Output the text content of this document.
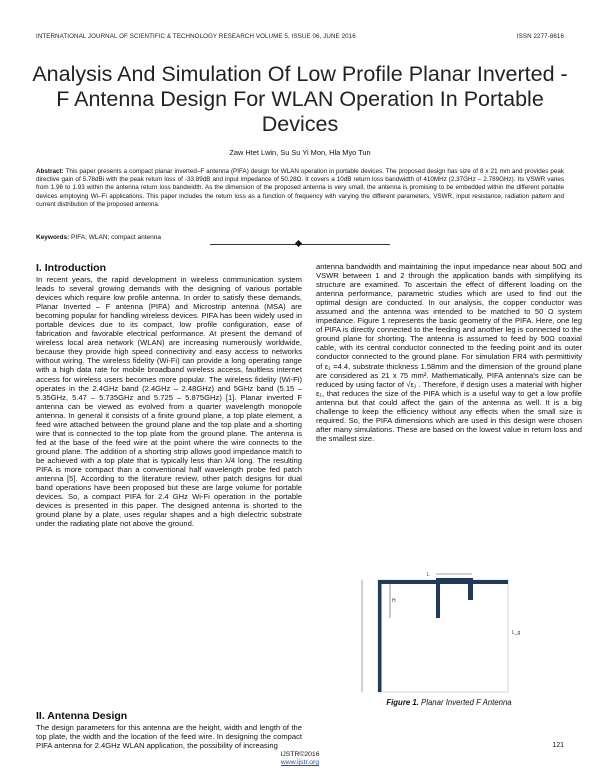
INTERNATIONAL JOURNAL OF SCIENTIFIC & TECHNOLOGY RESEARCH VOLUME 5, ISSUE 06, JUNE 2016	ISSN 2277-8616
Analysis And Simulation Of Low Profile Planar Inverted - F Antenna Design For WLAN Operation In Portable Devices
Zaw Htet Lwin, Su Su Yi Mon, Hla Myo Tun
Abstract: This paper presents a compact planar inverted–F antenna (PIFA) design for WLAN operation in portable devices. The proposed design has size of 8 x 21 mm and provides peak directive gain of 5.78dBi with the peak return loss of -33.89dB and input impedance of 50.28Ω. It covers a 10dB return loss bandwidth of 410MHz (2.37GHz – 2.789GHz). Its VSWR varies from 1.96 to 1.93 within the antenna return loss bandwidth. As the dimension of the proposed antenna is very small, the antenna is promising to be embedded within the different portable devices employing Wi–Fi applications. This paper includes the return loss as a function of frequency with varying the different parameters, VSWR, input resistance, radiation pattern and current distribution of the proposed antenna.
Keywords: PIFA; WLAN; compact antenna
I. Introduction

In recent years, the rapid development in wireless communication system leads to several growing demands with the designing of various portable devices which require low profile antenna. In order to satisfy these demands, Planar Inverted – F antenna (PIFA) and Microstrip antenna (MSA) are becoming popular for handling wireless devices. PIFA has been widely used in portable devices due to its compact, low profile configuration, ease of fabrication and favorable electrical performance. At present the demand of wireless local area network (WLAN) are increasing numerously worldwide, because they provide high speed connectivity and easy access to networks without wiring. The wireless fidelity (Wi-Fi) can provide a long operating range with a high data rate for mobile broadband wireless access, faultless internet access for wireless users becomes more popular. The wireless fidelity (Wi-Fi) operates in the 2.4GHz band (2.4GHz – 2.48GHz) and 5GHz band (5.15 – 5.35GHz, 5.47 – 5.735GHz and 5.725 – 5.875GHz) [1]. Planar inverted F antenna can be viewed as evolved from a quarter wavelength monopole antenna. In general it consists of a finite ground plane, a top plate element, a feed wire attached between the ground plane and the top plate and a shorting wire that is connected to the top plate from the ground plane. The antenna is fed at the base of the feed wire at the point where the wire connects to the ground plane. The addition of a shorting strip allows good impedance match to be achieved with a top plate that is typically less than λ/4 long. The resulting PIFA is more compact than a conventional half wavelength probe fed patch antenna [5]. According to the literature review, other patch designs for dual band operations have been proposed but these are large volume for portable devices. So, a compact PIFA for 2.4 GHz Wi-Fi operation in the portable devices is presented in this paper. The designed antenna is shorted to the ground plane by a plate, uses regular shapes and a high dielectric substrate under the radiating plate not above the ground.

II. Antenna Design
The design parameters for this antenna are the height, width and length of the top plate, the width and the location of the feed wire. In designing the compact PIFA antenna for 2.4GHz WLAN application, the possibility of increasing
antenna bandwidth and maintaining the input impedance near about 50Ω and VSWR between 1 and 2 through the application bands with simplifying its structure are examined. To ascertain the effect of different loading on the antenna performance, parametric studies which are used to find out the optimal design are conducted. In our analysis, the copper conductor was assumed and the antenna was intended to be matched to 50 Ω system impedance. Figure 1 represents the basic geometry of the PIFA. Here, one leg of PIFA is directly connected to the feeding and another leg is connected to the ground plane for shorting. The antenna is assumed to feed by 50Ω coaxial cable, with its central conductor connected to the feeding point and its outer conductor connected to the ground plane. For simulation FR4 with permittivity of ε₁ =4.4, substrate thickness 1.58mm and the dimension of the ground plane are considered as 21 x 75 mm². Mathematically, PIFA antenna's size can be reduced by using factor of √ε₁ . Therefore, if design uses a material with higher ε₁, that reduces the size of the PIFA which is a useful way to get a low profile antenna but that could affect the gain of the antenna as well. It is a big challenge to keep the efficiency without any effects when the small size is required. So, the PIFA dimensions which are used in this design were chosen after many simulations. These are based on the lowest value in return loss and the smallest size.
L
H
L_g
Figure 1. Planar Inverted F Antenna
121
IJSTR©2016
www.ijstr.org
